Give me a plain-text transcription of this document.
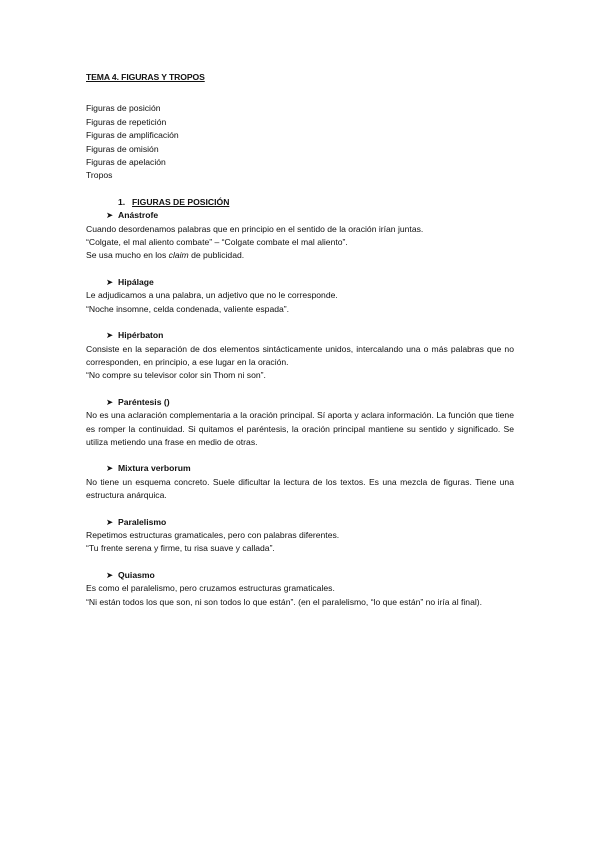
TEMA 4. FIGURAS Y TROPOS
Figuras de posición
Figuras de repetición
Figuras de amplificación
Figuras de omisión
Figuras de apelación
Tropos
1. FIGURAS DE POSICIÓN
➤ Anástrofe

Cuando desordenamos palabras que en principio en el sentido de la oración irían juntas.

“Colgate, el mal aliento combate” – “Colgate combate el mal aliento”.

Se usa mucho en los claim de publicidad.

➤ Hipálage

Le adjudicamos a una palabra, un adjetivo que no le corresponde.

“Noche insomne, celda condenada, valiente espada”.

➤ Hipérbaton

Consiste en la separación de dos elementos sintácticamente unidos, intercalando una o más palabras que no corresponden, en principio, a ese lugar en la oración.

“No compre su televisor color sin Thom ni son”.

➤ Paréntesis ()

No es una aclaración complementaria a la oración principal. Sí aporta y aclara información. La función que tiene es romper la continuidad. Si quitamos el paréntesis, la oración principal mantiene su sentido y significado. Se utiliza metiendo una frase en medio de otras.

➤ Mixtura verborum

No tiene un esquema concreto. Suele dificultar la lectura de los textos. Es una mezcla de figuras. Tiene una estructura anárquica.

➤ Paralelismo

Repetimos estructuras gramaticales, pero con palabras diferentes.

“Tu frente serena y firme, tu risa suave y callada”.

➤ Quiasmo

Es como el paralelismo, pero cruzamos estructuras gramaticales.

“Ni están todos los que son, ni son todos lo que están”. (en el paralelismo, “lo que están” no iría al final).
